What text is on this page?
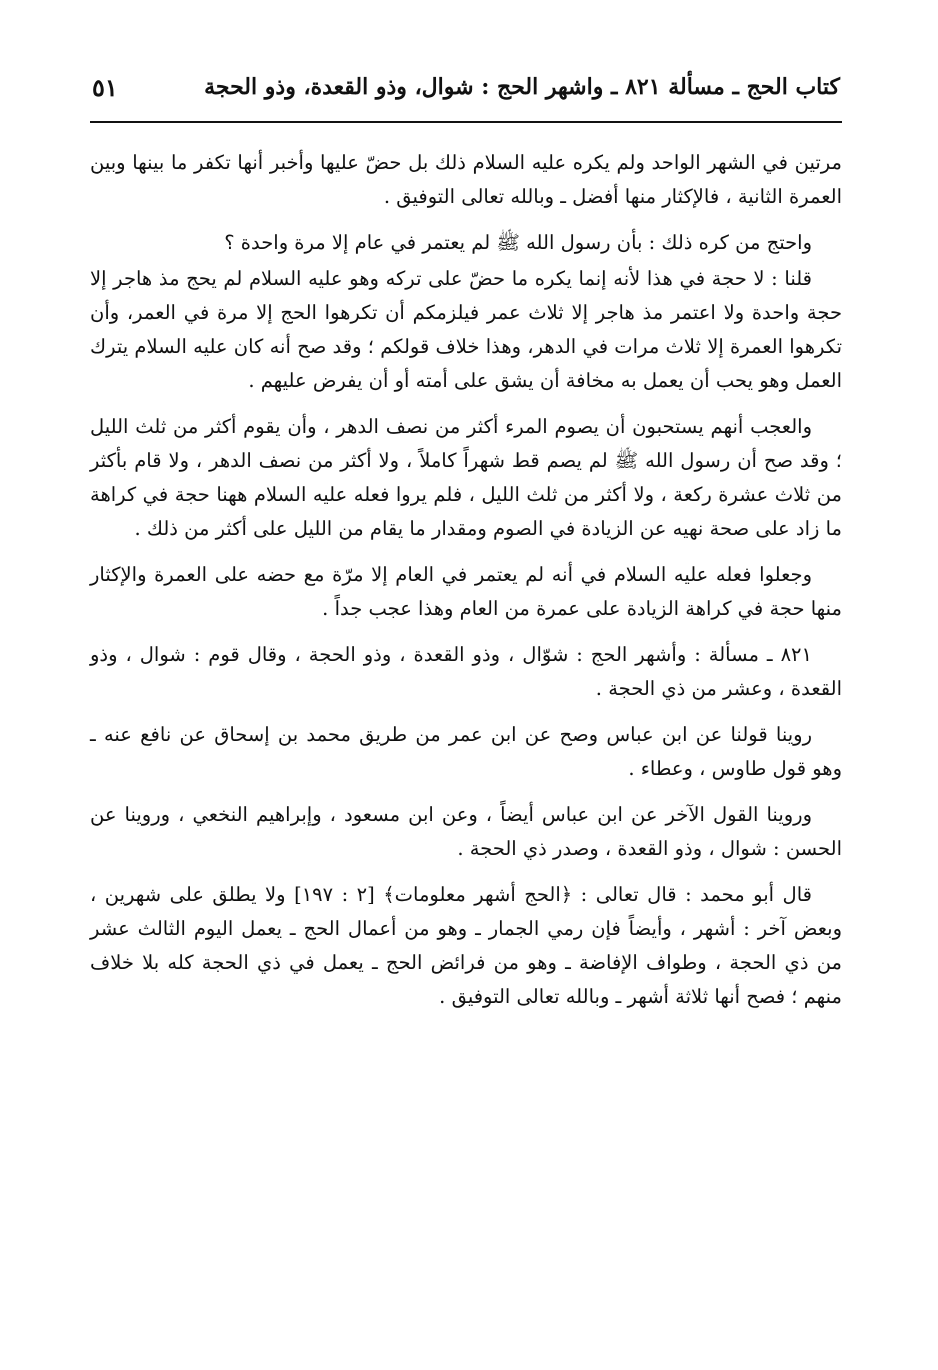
كتاب الحج ـ مسألة ٨٢١ ـ واشهر الحج : شوال، وذو القعدة، وذو الحجة
٥١

مرتين في الشهر الواحد ولم يكره عليه السلام ذلك بل حضّ عليها وأخبر أنها تكفر ما بينها وبين العمرة الثانية ، فالإكثار منها أفضل ـ وبالله تعالى التوفيق .

واحتج من كره ذلك : بأن رسول الله ﷺ لم يعتمر في عام إلا مرة واحدة ؟

قلنا : لا حجة في هذا لأنه إنما يكره ما حضّ على تركه وهو عليه السلام لم يحج مذ هاجر إلا حجة واحدة ولا اعتمر مذ هاجر إلا ثلاث عمر فيلزمكم أن تكرهوا الحج إلا مرة في العمر، وأن تكرهوا العمرة إلا ثلاث مرات في الدهر، وهذا خلاف قولكم ؛ وقد صح أنه كان عليه السلام يترك العمل وهو يحب أن يعمل به مخافة أن يشق على أمته أو أن يفرض عليهم .

والعجب أنهم يستحبون أن يصوم المرء أكثر من نصف الدهر ، وأن يقوم أكثر من ثلث الليل ؛ وقد صح أن رسول الله ﷺ لم يصم قط شهراً كاملاً ، ولا أكثر من نصف الدهر ، ولا قام بأكثر من ثلاث عشرة ركعة ، ولا أكثر من ثلث الليل ، فلم يروا فعله عليه السلام ههنا حجة في كراهة ما زاد على صحة نهيه عن الزيادة في الصوم ومقدار ما يقام من الليل على أكثر من ذلك .

وجعلوا فعله عليه السلام في أنه لم يعتمر في العام إلا مرّة مع حضه على العمرة والإكثار منها حجة في كراهة الزيادة على عمرة من العام وهذا عجب جداً .

٨٢١ ـ مسألة : وأشهر الحج : شوّال ، وذو القعدة ، وذو الحجة ، وقال قوم : شوال ، وذو القعدة ، وعشر من ذي الحجة .

روينا قولنا عن ابن عباس وصح عن ابن عمر من طريق محمد بن إسحاق عن نافع عنه ـ وهو قول طاوس ، وعطاء .

وروينا القول الآخر عن ابن عباس أيضاً ، وعن ابن مسعود ، وإبراهيم النخعي ، وروينا عن الحسن : شوال ، وذو القعدة ، وصدر ذي الحجة .

قال أبو محمد : قال تعالى : ﴿الحج أشهر معلومات﴾ [٢ : ١٩٧] ولا يطلق على شهرين ، وبعض آخر : أشهر ، وأيضاً فإن رمي الجمار ـ وهو من أعمال الحج ـ يعمل اليوم الثالث عشر من ذي الحجة ، وطواف الإفاضة ـ وهو من فرائض الحج ـ يعمل في ذي الحجة كله بلا خلاف منهم ؛ فصح أنها ثلاثة أشهر ـ وبالله تعالى التوفيق .
